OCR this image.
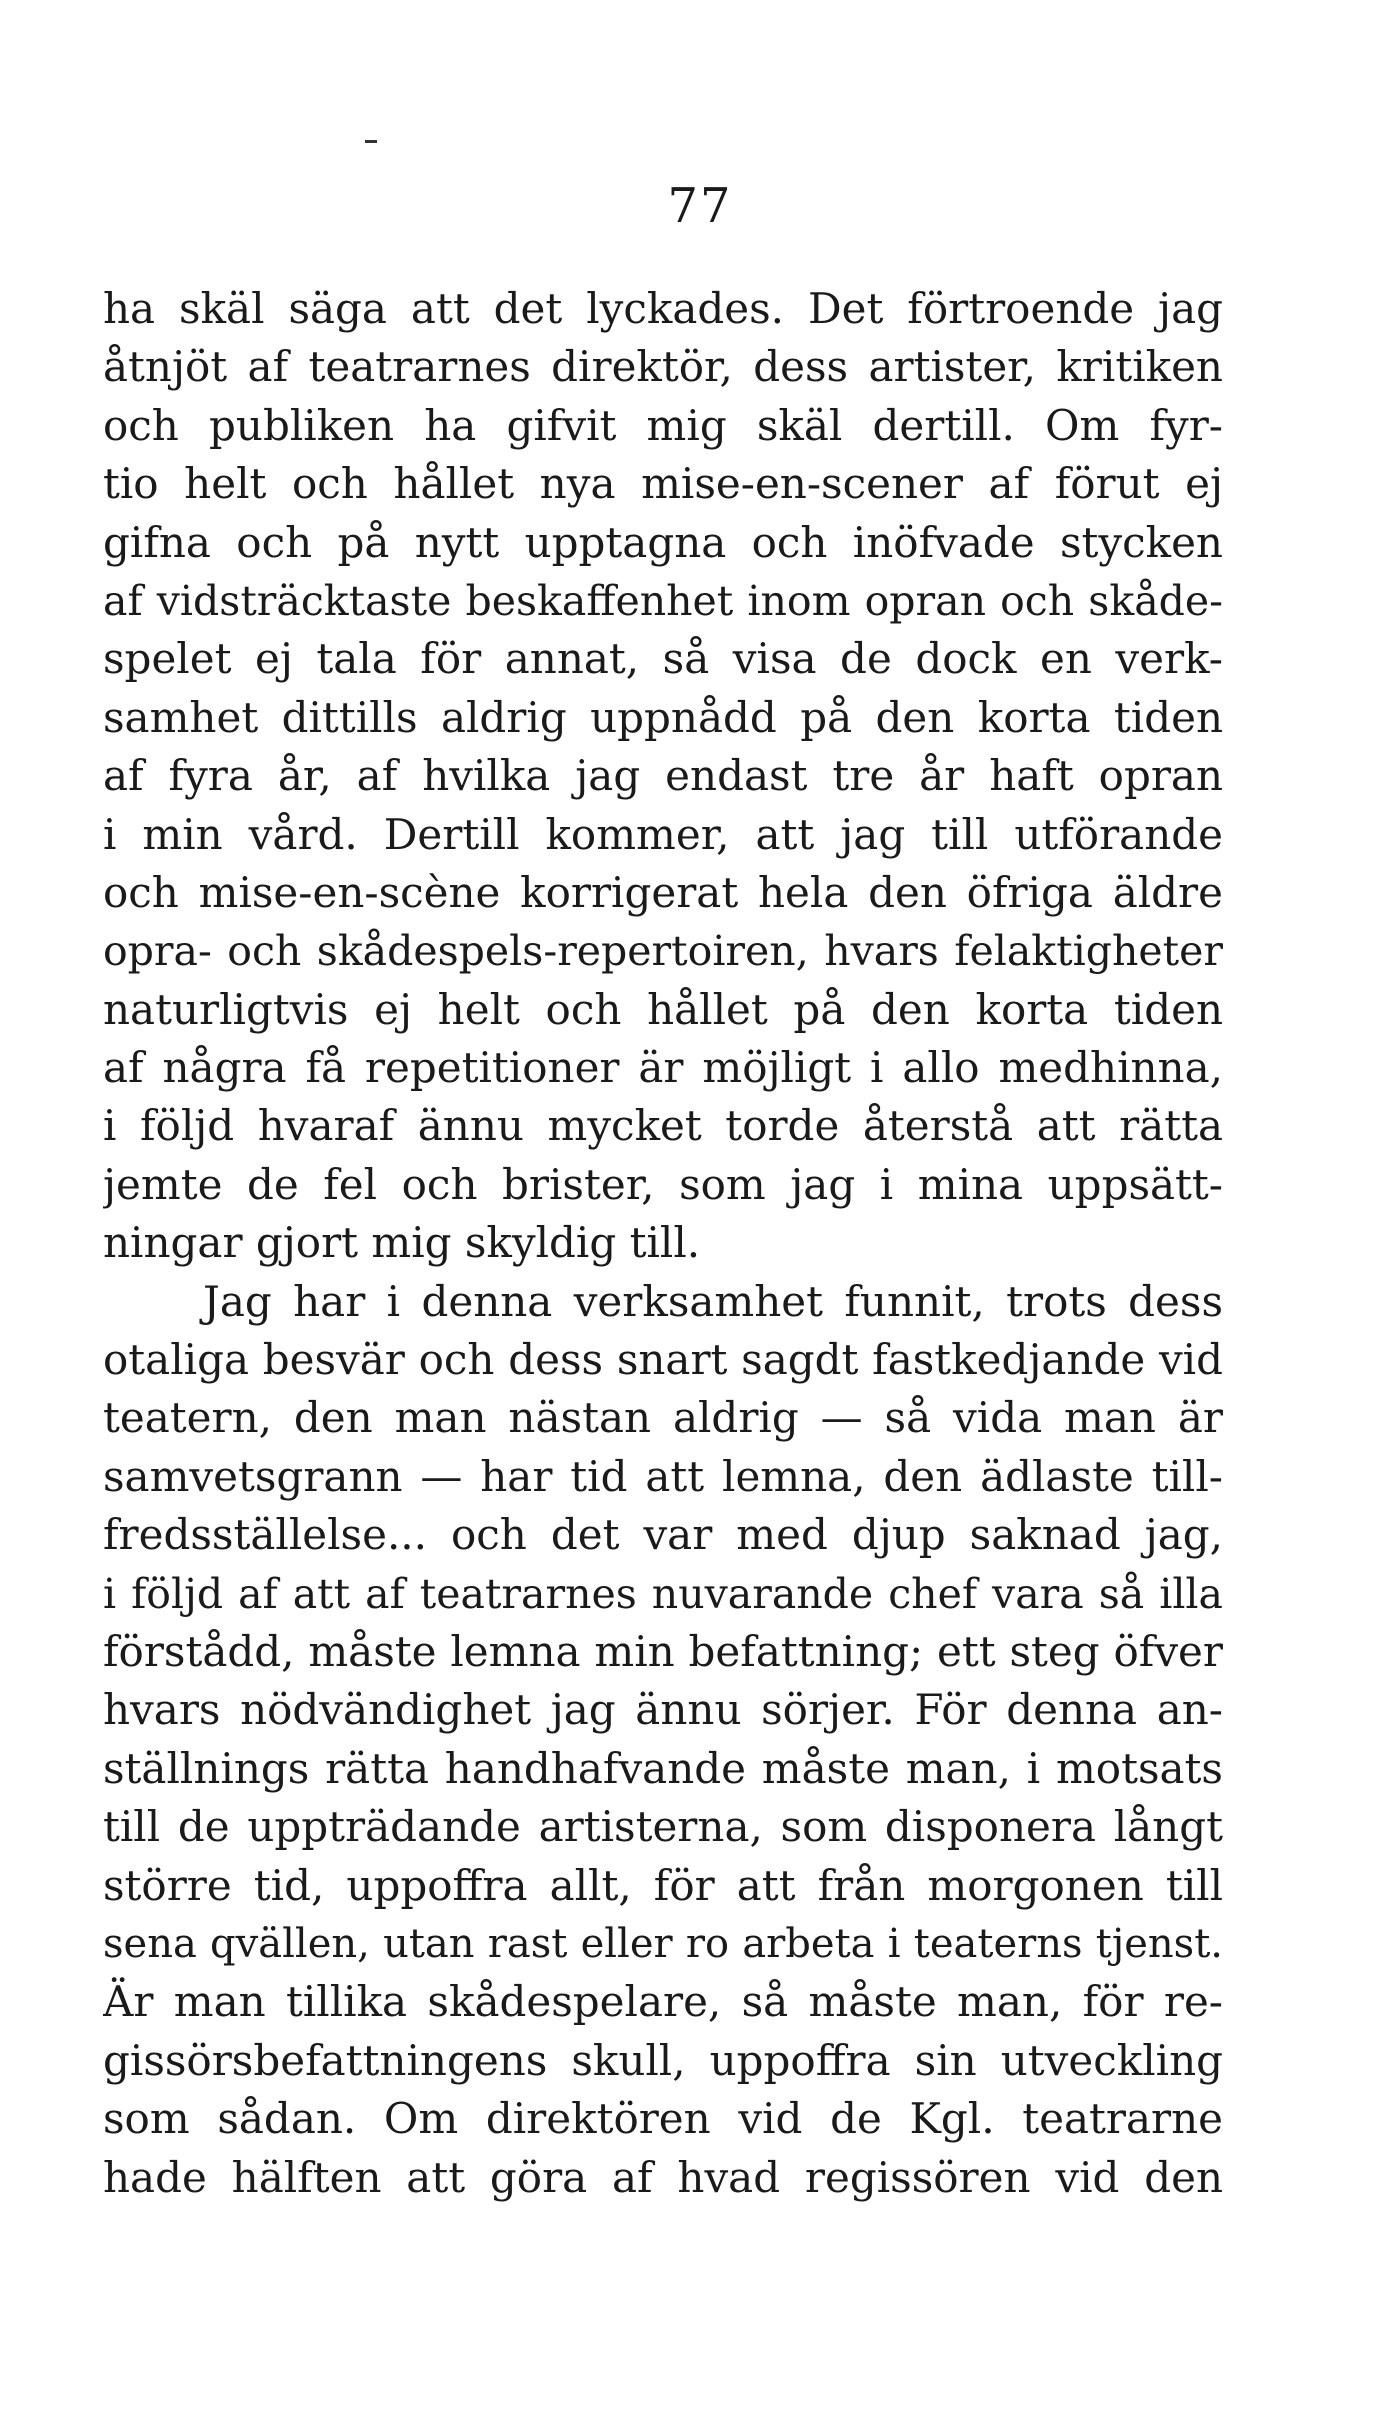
77
ha skäl säga att det lyckades. Det förtroende jag
åtnjöt af teatrarnes direktör, dess artister, kritiken
och publiken ha gifvit mig skäl dertill. Om fyr-
tio helt och hållet nya mise-en-scener af förut ej
gifna och på nytt upptagna och inöfvade stycken
af vidsträcktaste beskaffenhet inom opran och skåde-
spelet ej tala för annat, så visa de dock en verk-
samhet dittills aldrig uppnådd på den korta tiden
af fyra år, af hvilka jag endast tre år haft opran
i min vård. Dertill kommer, att jag till utförande
och mise-en-scène korrigerat hela den öfriga äldre
opra- och skådespels-repertoiren, hvars felaktigheter
naturligtvis ej helt och hållet på den korta tiden
af några få repetitioner är möjligt i allo medhinna,
i följd hvaraf ännu mycket torde återstå att rätta
jemte de fel och brister, som jag i mina uppsätt-
ningar gjort mig skyldig till.
Jag har i denna verksamhet funnit, trots dess
otaliga besvär och dess snart sagdt fastkedjande vid
teatern, den man nästan aldrig — så vida man är
samvetsgrann — har tid att lemna, den ädlaste till-
fredsställelse... och det var med djup saknad jag,
i följd af att af teatrarnes nuvarande chef vara så illa
förstådd, måste lemna min befattning; ett steg öfver
hvars nödvändighet jag ännu sörjer. För denna an-
ställnings rätta handhafvande måste man, i motsats
till de uppträdande artisterna, som disponera långt
större tid, uppoffra allt, för att från morgonen till
sena qvällen, utan rast eller ro arbeta i teaterns tjenst.
Är man tillika skådespelare, så måste man, för re-
gissörsbefattningens skull, uppoffra sin utveckling
som sådan. Om direktören vid de Kgl. teatrarne
hade hälften att göra af hvad regissören vid den
